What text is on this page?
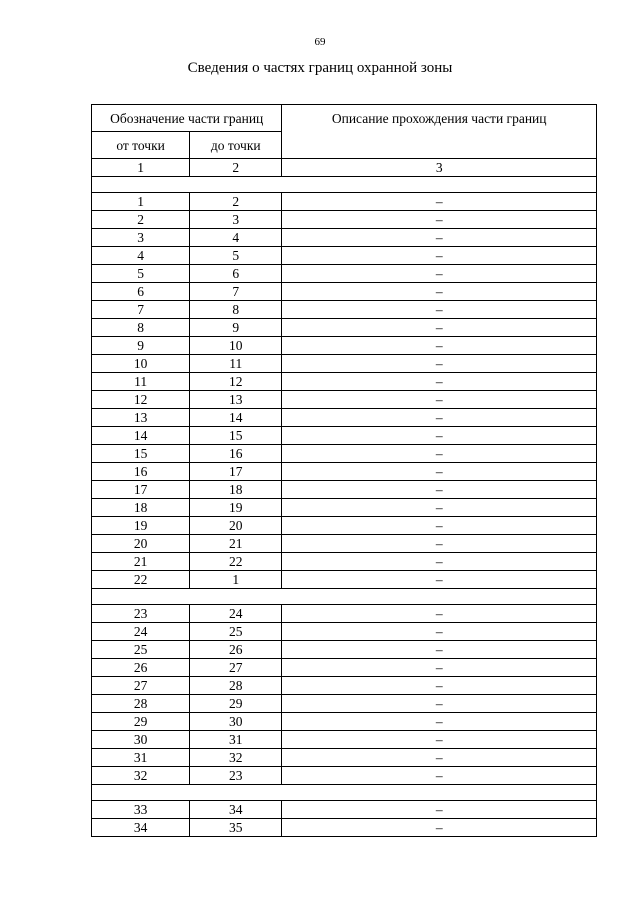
69
Сведения о частях границ охранной зоны
Обозначение части границ		Описание прохождения части границ
от точки	до точки	
1	2	3

1	2	–
2	3	–
3	4	–
4	5	–
5	6	–
6	7	–
7	8	–
8	9	–
9	10	–
10	11	–
11	12	–
12	13	–
13	14	–
14	15	–
15	16	–
16	17	–
17	18	–
18	19	–
19	20	–
20	21	–
21	22	–
22	1	–

23	24	–
24	25	–
25	26	–
26	27	–
27	28	–
28	29	–
29	30	–
30	31	–
31	32	–
32	23	–

33	34	–
34	35	–
